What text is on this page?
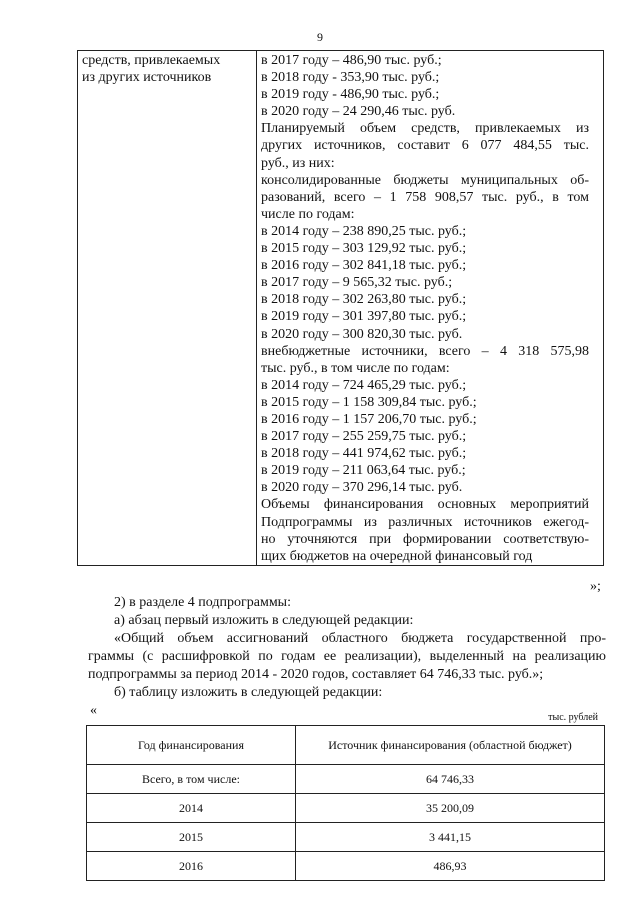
9
средств, привлекаемых
из других источников

в 2017 году – 486,90 тыс. руб.;
в 2018 году - 353,90 тыс. руб.;
в 2019 году - 486,90 тыс. руб.;
в 2020 году – 24 290,46 тыс. руб.
Планируемый объем средств, привлекаемых из
других источников, составит 6 077 484,55 тыс.
руб., из них:
консолидированные бюджеты муниципальных об-
разований, всего – 1 758 908,57 тыс. руб., в том
числе по годам:
в 2014 году – 238 890,25 тыс. руб.;
в 2015 году – 303 129,92 тыс. руб.;
в 2016 году – 302 841,18 тыс. руб.;
в 2017 году – 9 565,32 тыс. руб.;
в 2018 году – 302 263,80 тыс. руб.;
в 2019 году – 301 397,80 тыс. руб.;
в 2020 году – 300 820,30 тыс. руб.
внебюджетные источники, всего – 4 318 575,98
тыс. руб., в том числе по годам:
в 2014 году – 724 465,29 тыс. руб.;
в 2015 году – 1 158 309,84 тыс. руб.;
в 2016 году – 1 157 206,70 тыс. руб.;
в 2017 году – 255 259,75 тыс. руб.;
в 2018 году – 441 974,62 тыс. руб.;
в 2019 году – 211 063,64 тыс. руб.;
в 2020 году – 370 296,14 тыс. руб.
Объемы финансирования основных мероприятий
Подпрограммы из различных источников ежегод-
но уточняются при формировании соответствую-
щих бюджетов на очередной финансовый год
»;
2) в разделе 4 подпрограммы:
а) абзац первый изложить в следующей редакции:
«Общий объем ассигнований областного бюджета государственной про-
граммы (с расшифровкой по годам ее реализации), выделенный на реализацию
подпрограммы за период 2014 - 2020 годов, составляет 64 746,33 тыс. руб.»;
б) таблицу изложить в следующей редакции:
«	тыс. рублей
Год финансирования	Источник финансирования (областной бюджет)
Всего, в том числе:	64 746,33
2014	35 200,09
2015	3 441,15
2016	486,93
